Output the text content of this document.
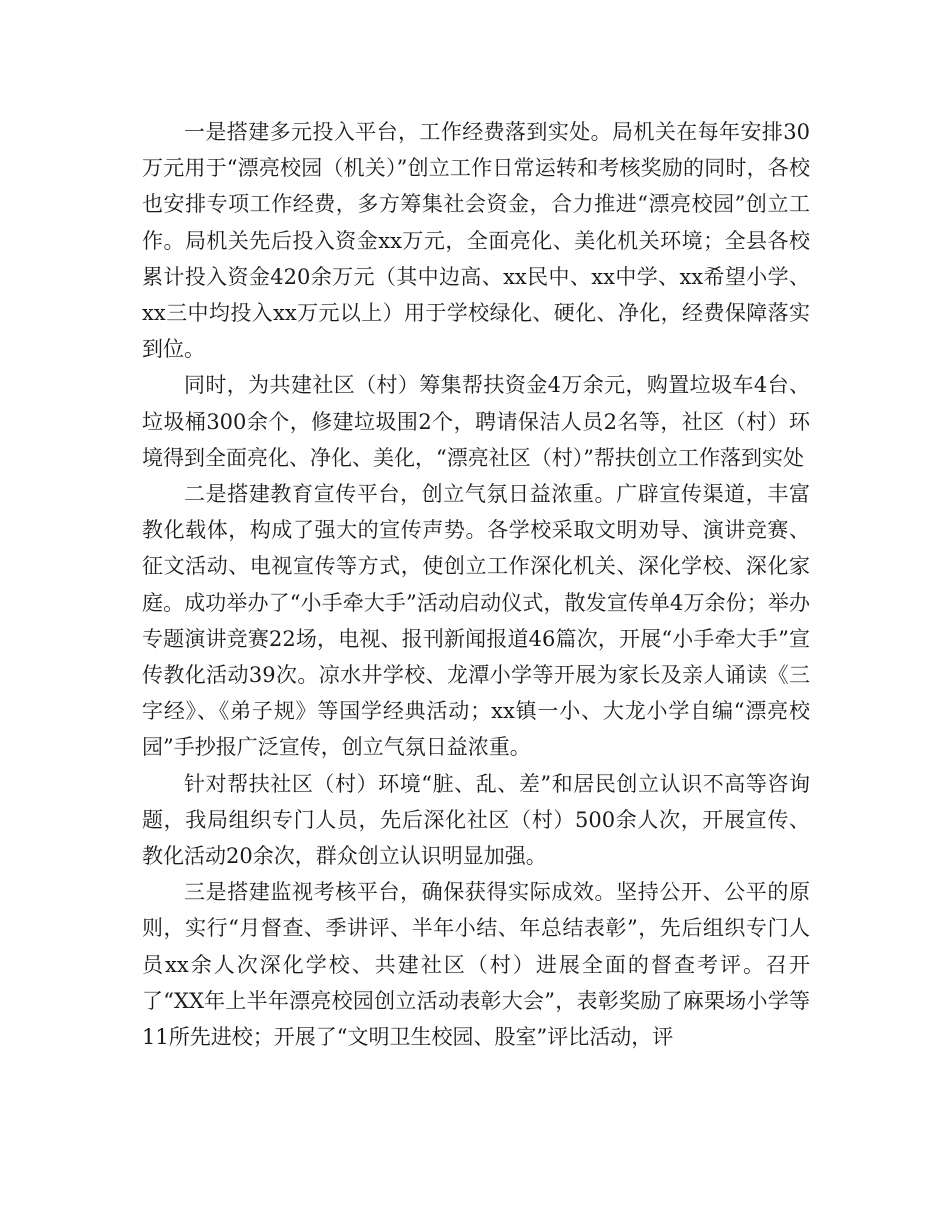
一是搭建多元投入平台，工作经费落到实处。局机关在每年安排30万元用于“漂亮校园（机关）”创立工作日常运转和考核奖励的同时，各校也安排专项工作经费，多方筹集社会资金，合力推进“漂亮校园”创立工作。局机关先后投入资金xx万元，全面亮化、美化机关环境；全县各校累计投入资金420余万元（其中边高、xx民中、xx中学、xx希望小学、xx三中均投入xx万元以上）用于学校绿化、硬化、净化，经费保障落实到位。

同时，为共建社区（村）筹集帮扶资金4万余元，购置垃圾车4台、垃圾桶300余个，修建垃圾围2个，聘请保洁人员2名等，社区（村）环境得到全面亮化、净化、美化，“漂亮社区（村）”帮扶创立工作落到实处

二是搭建教育宣传平台，创立气氛日益浓重。广辟宣传渠道，丰富教化载体，构成了强大的宣传声势。各学校采取文明劝导、演讲竞赛、征文活动、电视宣传等方式，使创立工作深化机关、深化学校、深化家庭。成功举办了“小手牵大手”活动启动仪式，散发宣传单4万余份；举办专题演讲竞赛22场，电视、报刊新闻报道46篇次，开展“小手牵大手”宣传教化活动39次。凉水井学校、龙潭小学等开展为家长及亲人诵读《三字经》、《弟子规》等国学经典活动；xx镇一小、大龙小学自编“漂亮校园”手抄报广泛宣传，创立气氛日益浓重。

针对帮扶社区（村）环境“脏、乱、差”和居民创立认识不高等咨询题，我局组织专门人员，先后深化社区（村）500余人次，开展宣传、教化活动20余次，群众创立认识明显加强。

三是搭建监视考核平台，确保获得实际成效。坚持公开、公平的原则，实行“月督查、季讲评、半年小结、年总结表彰”，先后组织专门人员xx余人次深化学校、共建社区（村）进展全面的督查考评。召开了“XX年上半年漂亮校园创立活动表彰大会”，表彰奖励了麻栗场小学等11所先进校；开展了“文明卫生校园、股室”评比活动，评
